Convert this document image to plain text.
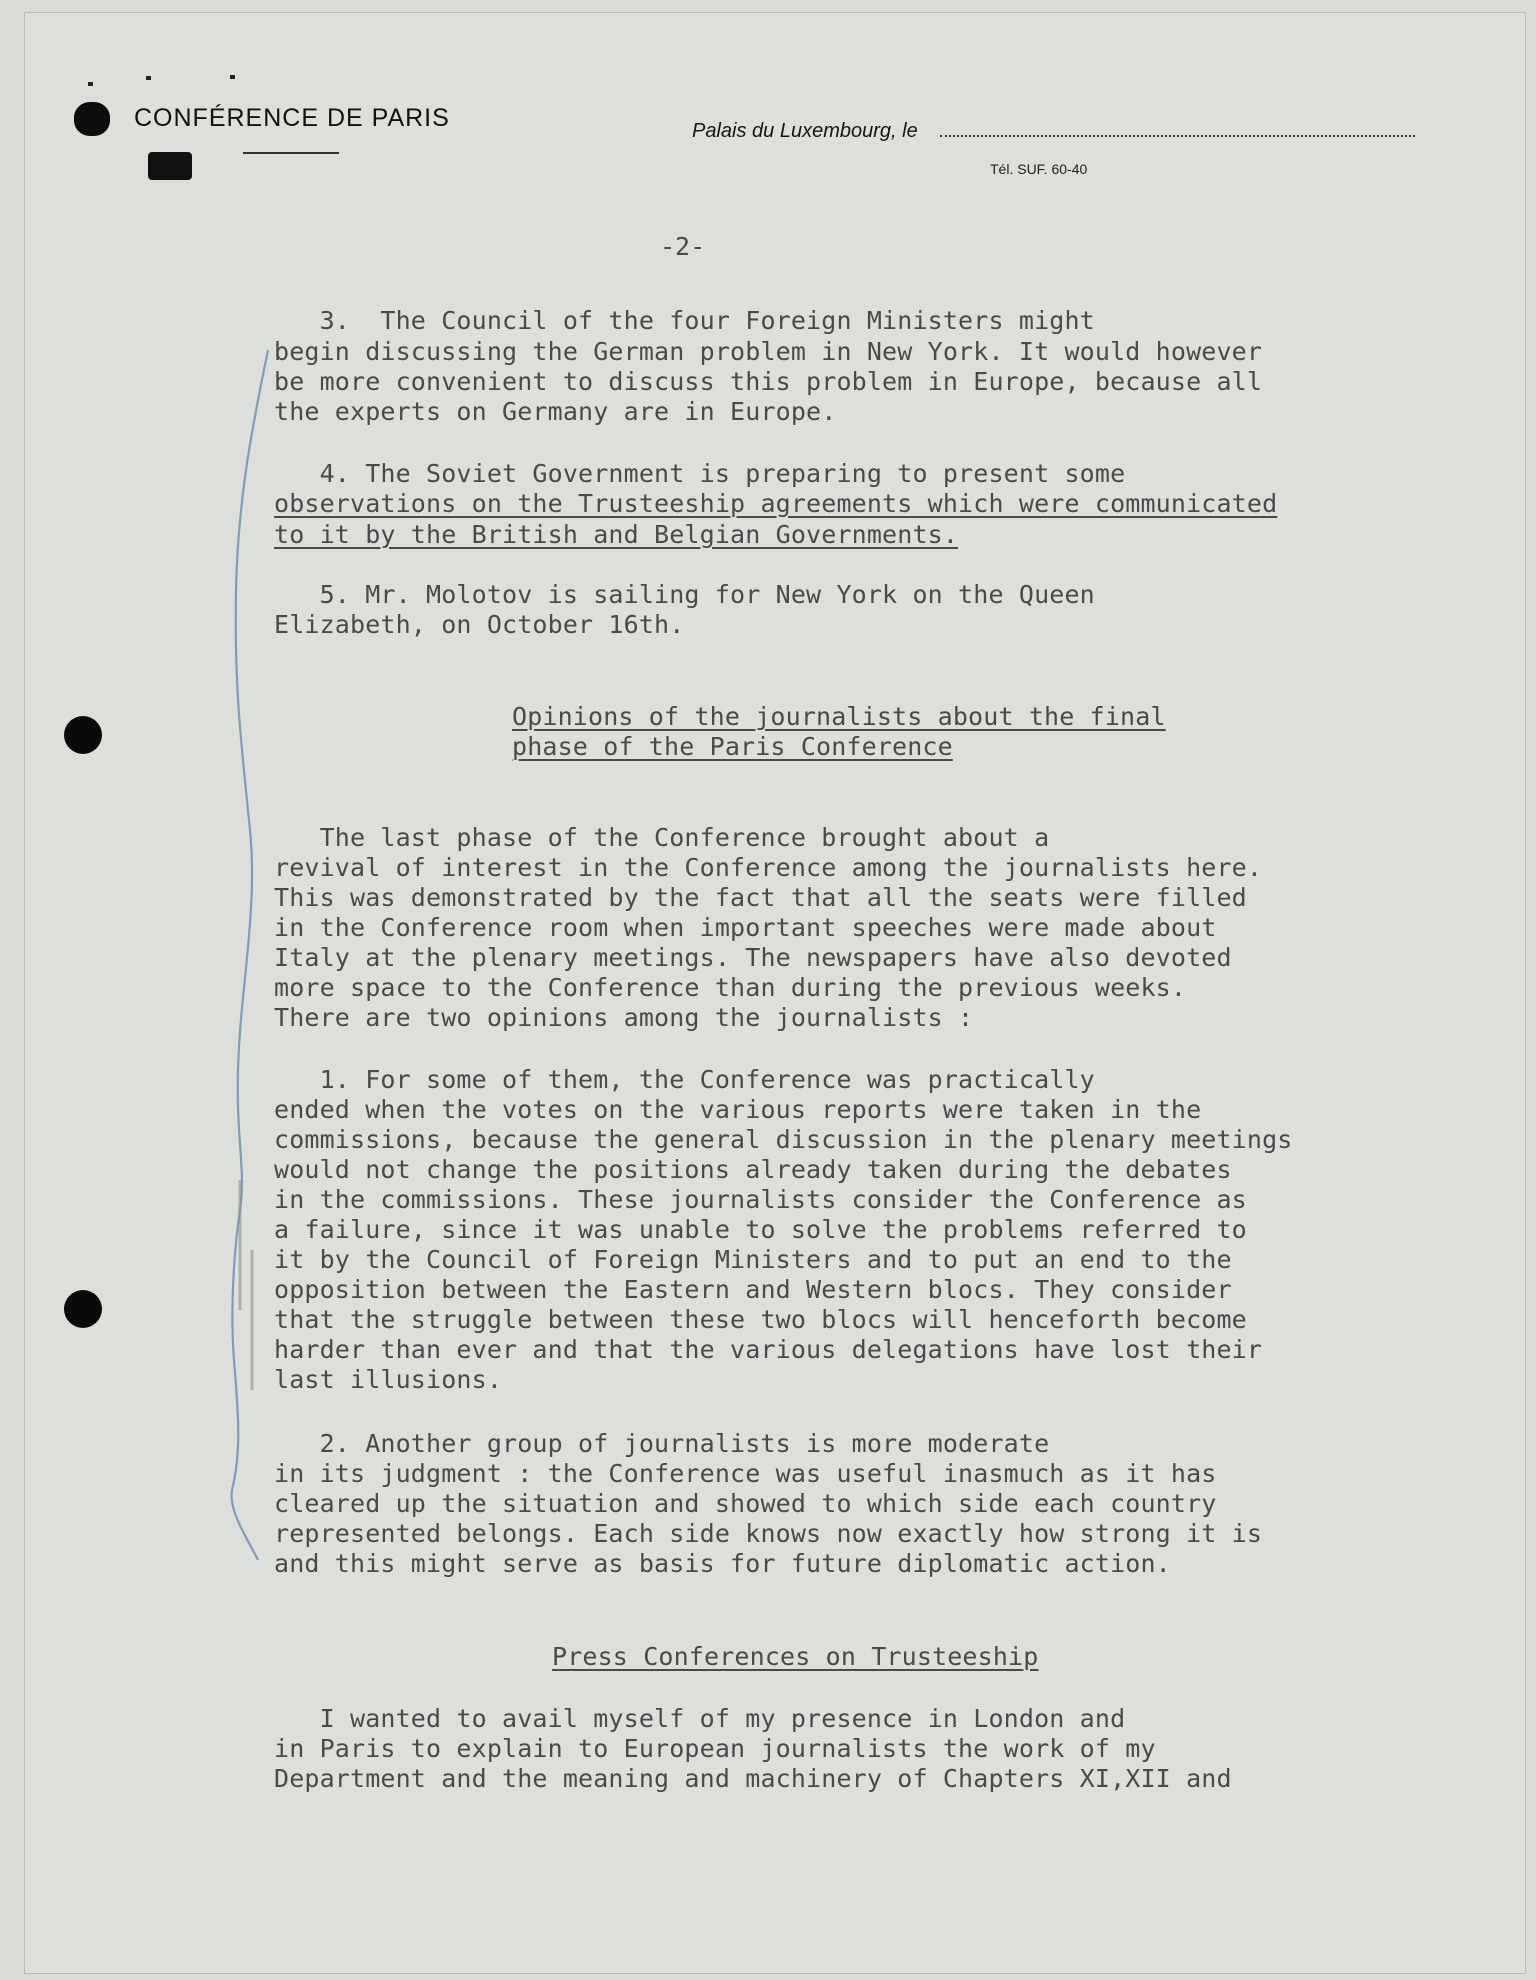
CONFÉRENCE DE PARIS	Palais du Luxembourg, le
Tél. SUF. 60-40
-2-
3.  The Council of the four Foreign Ministers might
begin discussing the German problem in New York. It would however
be more convenient to discuss this problem in Europe, because all
the experts on Germany are in Europe.
4. The Soviet Government is preparing to present some
observations on the Trusteeship agreements which were communicated
to it by the British and Belgian Governments.
5. Mr. Molotov is sailing for New York on the Queen
Elizabeth, on October 16th.
Opinions of the journalists about the final
phase of the Paris Conference
The last phase of the Conference brought about a
revival of interest in the Conference among the journalists here.
This was demonstrated by the fact that all the seats were filled
in the Conference room when important speeches were made about
Italy at the plenary meetings. The newspapers have also devoted
more space to the Conference than during the previous weeks.
There are two opinions among the journalists :
1. For some of them, the Conference was practically
ended when the votes on the various reports were taken in the
commissions, because the general discussion in the plenary meetings
would not change the positions already taken during the debates
in the commissions. These journalists consider the Conference as
a failure, since it was unable to solve the problems referred to
it by the Council of Foreign Ministers and to put an end to the
opposition between the Eastern and Western blocs. They consider
that the struggle between these two blocs will henceforth become
harder than ever and that the various delegations have lost their
last illusions.
2. Another group of journalists is more moderate
in its judgment : the Conference was useful inasmuch as it has
cleared up the situation and showed to which side each country
represented belongs. Each side knows now exactly how strong it is
and this might serve as basis for future diplomatic action.
Press Conferences on Trusteeship
I wanted to avail myself of my presence in London and
in Paris to explain to European journalists the work of my
Department and the meaning and machinery of Chapters XI,XII and
